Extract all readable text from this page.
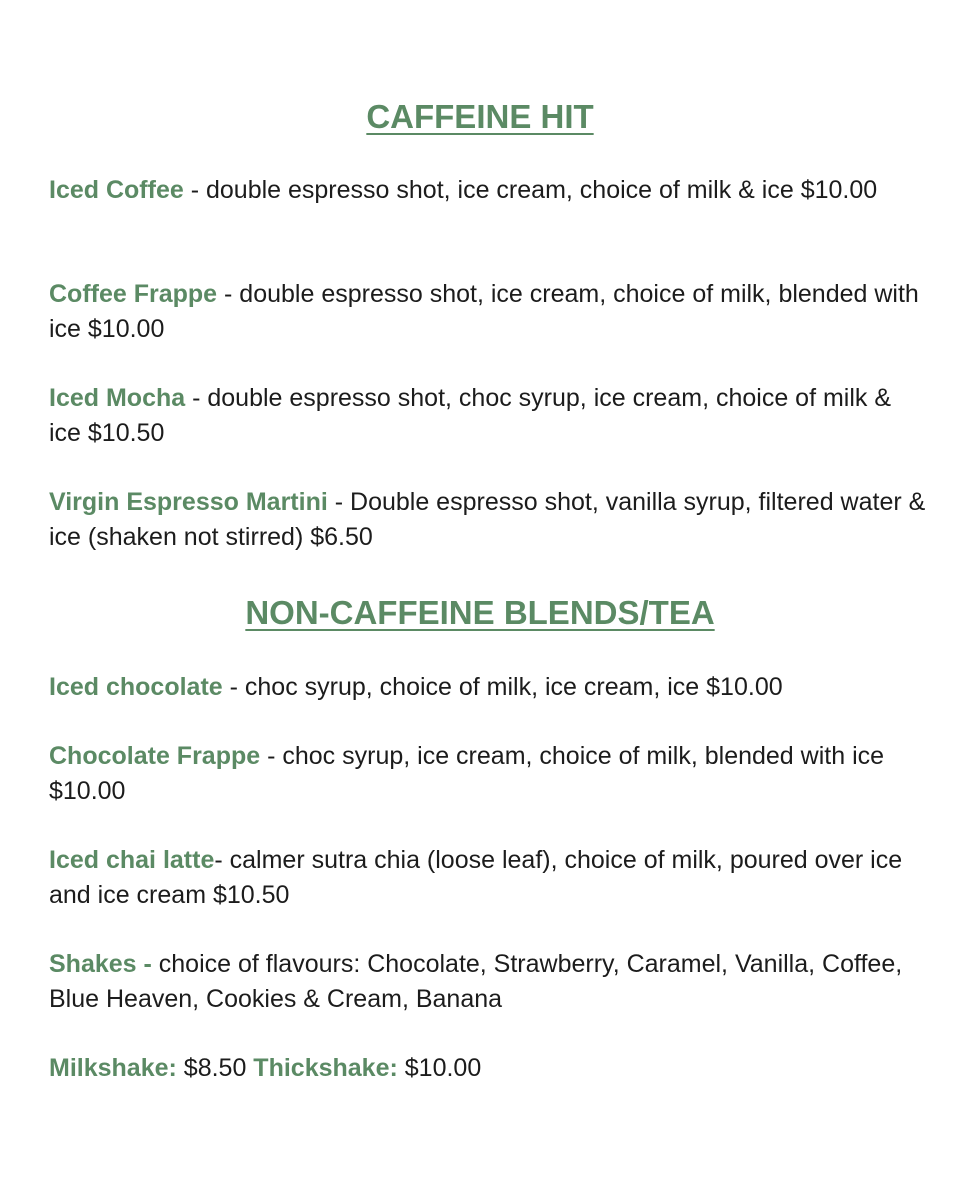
CAFFEINE HIT

Iced Coffee - double espresso shot, ice cream, choice of milk & ice $10.00

Coffee Frappe - double espresso shot, ice cream, choice of milk, blended with ice $10.00

Iced Mocha - double espresso shot, choc syrup, ice cream, choice of milk & ice $10.50

Virgin Espresso Martini - Double espresso shot, vanilla syrup, filtered water & ice (shaken not stirred) $6.50

NON-CAFFEINE BLENDS/TEA

Iced chocolate - choc syrup, choice of milk, ice cream, ice $10.00

Chocolate Frappe - choc syrup, ice cream, choice of milk, blended with ice $10.00

Iced chai latte- calmer sutra chia (loose leaf), choice of milk, poured over ice and ice cream $10.50

Shakes - choice of flavours: Chocolate, Strawberry, Caramel, Vanilla, Coffee, Blue Heaven, Cookies & Cream, Banana

Milkshake: $8.50 Thickshake: $10.00
